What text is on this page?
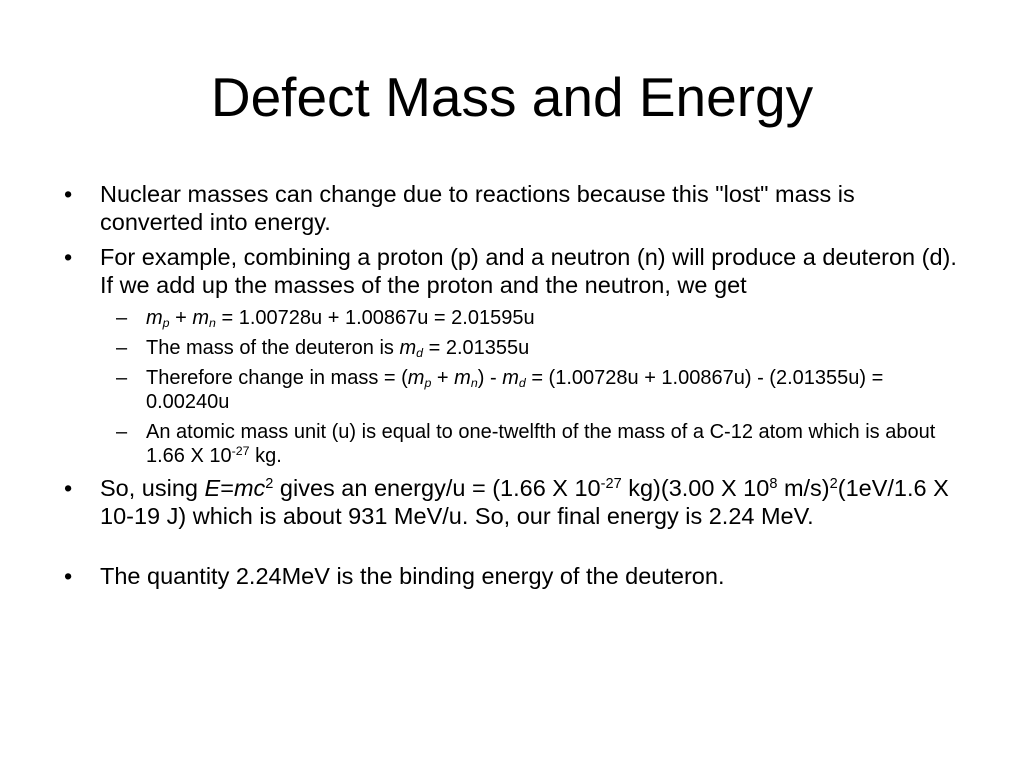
Defect Mass and Energy
• Nuclear masses can change due to reactions because this "lost" mass is converted into energy.
• For example, combining a proton (p) and a neutron (n) will produce a deuteron (d). If we add up the masses of the proton and the neutron, we get
– $m_p + m_n = 1.00728u + 1.00867u = 2.01595u$
– The mass of the deuteron is $m_d = 2.01355u$
– Therefore change in mass = $(m_p + m_n) - m_d = (1.00728u + 1.00867u) - (2.01355u) = 0.00240u$
– An atomic mass unit (u) is equal to one-twelfth of the mass of a C-12 atom which is about 1.66 X $10^{-27}$ kg.
• So, using $E=mc^2$ gives an energy/u = (1.66 X $10^{-27}$ kg)(3.00 X $10^8$ m/s)$^2$(1eV/1.6 X 10-19 J) which is about 931 MeV/u. So, our final energy is 2.24 MeV.
• The quantity 2.24MeV is the binding energy of the deuteron.
